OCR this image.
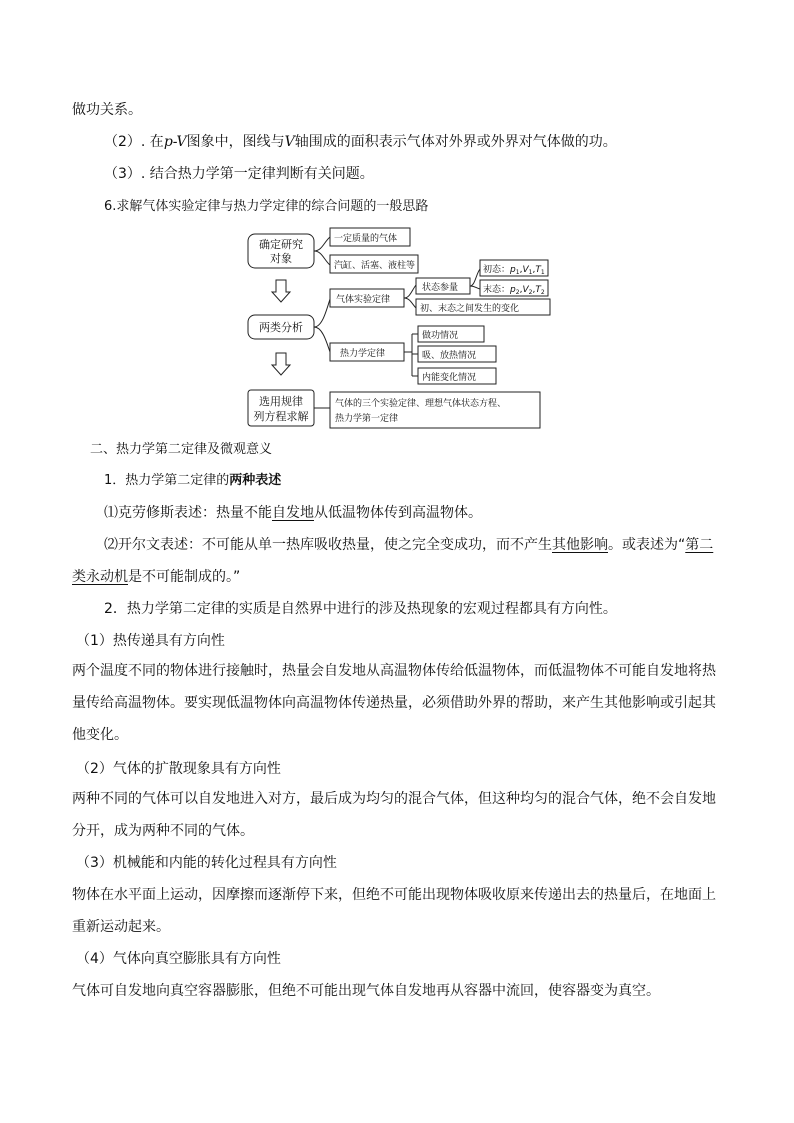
做功关系。
（2）. 在p-V图象中，图线与V轴围成的面积表示气体对外界或外界对气体做的功。
（3）. 结合热力学第一定律判断有关问题。
6.求解气体实验定律与热力学定律的综合问题的一般思路
确定研究
对象
两类分析
选用规律
列方程求解
一定质量的气体
汽缸、活塞、液柱等
气体实验定律
热力学定律
状态参量
初、末态之间发生的变化
初态：$p_1,V_1,T_1$
末态：$p_2,V_2,T_2$
做功情况
吸、放热情况
内能变化情况
气体的三个实验定律、理想气体状态方程、
热力学第一定律
二、热力学第二定律及微观意义
1．热力学第二定律的两种表述
⑴克劳修斯表述：热量不能自发地从低温物体传到高温物体。
⑵开尔文表述：不可能从单一热库吸收热量，使之完全变成功，而不产生其他影响。或表述为“第二
类永动机是不可能制成的。”
2．热力学第二定律的实质是自然界中进行的涉及热现象的宏观过程都具有方向性。
（1）热传递具有方向性
两个温度不同的物体进行接触时，热量会自发地从高温物体传给低温物体，而低温物体不可能自发地将热
量传给高温物体。要实现低温物体向高温物体传递热量，必须借助外界的帮助，来产生其他影响或引起其
他变化。
（2）气体的扩散现象具有方向性
两种不同的气体可以自发地进入对方，最后成为均匀的混合气体，但这种均匀的混合气体，绝不会自发地
分开，成为两种不同的气体。
（3）机械能和内能的转化过程具有方向性
物体在水平面上运动，因摩擦而逐渐停下来，但绝不可能出现物体吸收原来传递出去的热量后，在地面上
重新运动起来。
（4）气体向真空膨胀具有方向性
气体可自发地向真空容器膨胀，但绝不可能出现气体自发地再从容器中流回，使容器变为真空。
